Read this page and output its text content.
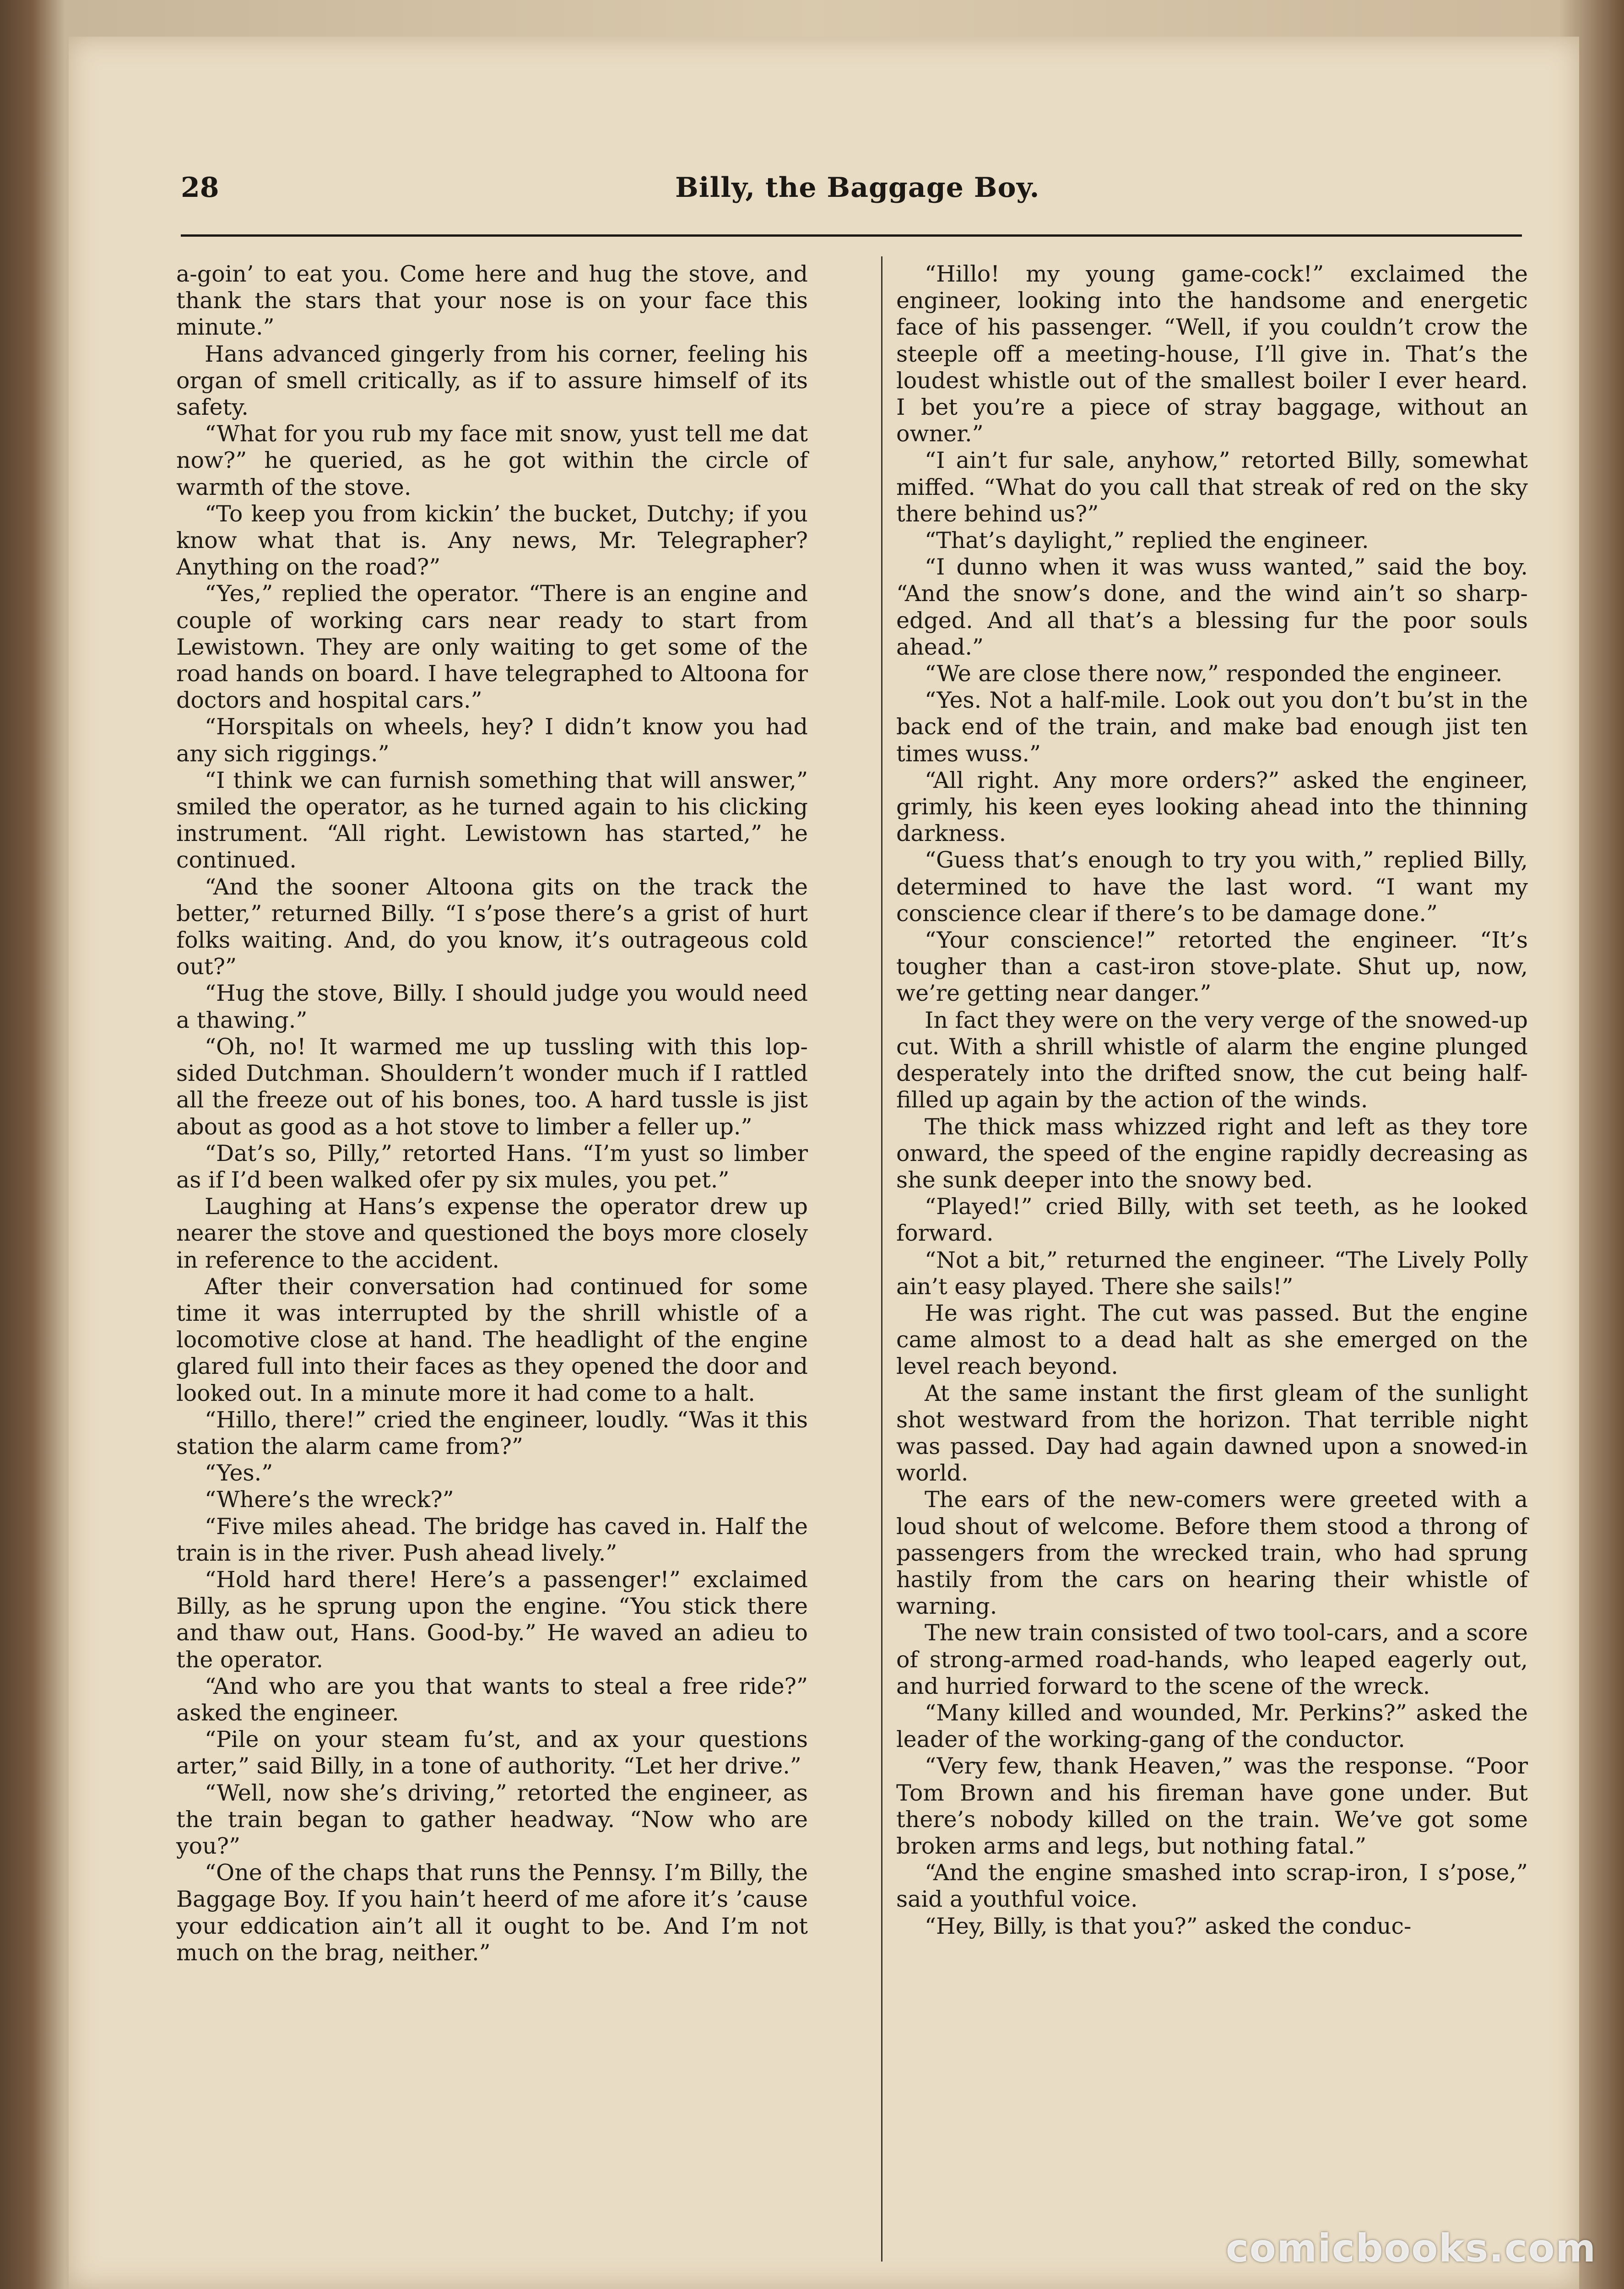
28	Billy, the Baggage Boy.

a-goin’ to eat you. Come here and hug the stove, and thank the stars that your nose is on your face this minute.”

Hans advanced gingerly from his corner, feeling his organ of smell critically, as if to assure himself of its safety.

“What for you rub my face mit snow, yust tell me dat now?” he queried, as he got within the circle of warmth of the stove.

“To keep you from kickin’ the bucket, Dutchy; if you know what that is. Any news, Mr. Telegrapher? Anything on the road?”

“Yes,” replied the operator. “There is an engine and couple of working cars near ready to start from Lewistown. They are only waiting to get some of the road hands on board. I have telegraphed to Altoona for doctors and hospital cars.”

“Horspitals on wheels, hey? I didn’t know you had any sich riggings.”

“I think we can furnish something that will answer,” smiled the operator, as he turned again to his clicking instrument. “All right. Lewistown has started,” he continued.

“And the sooner Altoona gits on the track the better,” returned Billy. “I s’pose there’s a grist of hurt folks waiting. And, do you know, it’s outrageous cold out?”

“Hug the stove, Billy. I should judge you would need a thawing.”

“Oh, no! It warmed me up tussling with this lop-sided Dutchman. Shouldern’t wonder much if I rattled all the freeze out of his bones, too. A hard tussle is jist about as good as a hot stove to limber a feller up.”

“Dat’s so, Pilly,” retorted Hans. “I’m yust so limber as if I’d been walked ofer py six mules, you pet.”

Laughing at Hans’s expense the operator drew up nearer the stove and questioned the boys more closely in reference to the accident.

After their conversation had continued for some time it was interrupted by the shrill whistle of a locomotive close at hand. The headlight of the engine glared full into their faces as they opened the door and looked out. In a minute more it had come to a halt.

“Hillo, there!” cried the engineer, loudly. “Was it this station the alarm came from?”

“Yes.”

“Where’s the wreck?”

“Five miles ahead. The bridge has caved in. Half the train is in the river. Push ahead lively.”

“Hold hard there! Here’s a passenger!” exclaimed Billy, as he sprung upon the engine. “You stick there and thaw out, Hans. Good-by.” He waved an adieu to the operator.

“And who are you that wants to steal a free ride?” asked the engineer.

“Pile on your steam fu’st, and ax your questions arter,” said Billy, in a tone of authority. “Let her drive.”

“Well, now she’s driving,” retorted the engineer, as the train began to gather headway. “Now who are you?”

“One of the chaps that runs the Pennsy. I’m Billy, the Baggage Boy. If you hain’t heerd of me afore it’s ’cause your eddication ain’t all it ought to be. And I’m not much on the brag, neither.”

“Hillo! my young game-cock!” exclaimed the engineer, looking into the handsome and energetic face of his passenger. “Well, if you couldn’t crow the steeple off a meeting-house, I’ll give in. That’s the loudest whistle out of the smallest boiler I ever heard. I bet you’re a piece of stray baggage, without an owner.”

“I ain’t fur sale, anyhow,” retorted Billy, somewhat miffed. “What do you call that streak of red on the sky there behind us?”

“That’s daylight,” replied the engineer.

“I dunno when it was wuss wanted,” said the boy. “And the snow’s done, and the wind ain’t so sharp-edged. And all that’s a blessing fur the poor souls ahead.”

“We are close there now,” responded the engineer.

“Yes. Not a half-mile. Look out you don’t bu’st in the back end of the train, and make bad enough jist ten times wuss.”

“All right. Any more orders?” asked the engineer, grimly, his keen eyes looking ahead into the thinning darkness.

“Guess that’s enough to try you with,” replied Billy, determined to have the last word. “I want my conscience clear if there’s to be damage done.”

“Your conscience!” retorted the engineer. “It’s tougher than a cast-iron stove-plate. Shut up, now, we’re getting near danger.”

In fact they were on the very verge of the snowed-up cut. With a shrill whistle of alarm the engine plunged desperately into the drifted snow, the cut being half-filled up again by the action of the winds.

The thick mass whizzed right and left as they tore onward, the speed of the engine rapidly decreasing as she sunk deeper into the snowy bed.

“Played!” cried Billy, with set teeth, as he looked forward.

“Not a bit,” returned the engineer. “The Lively Polly ain’t easy played. There she sails!”

He was right. The cut was passed. But the engine came almost to a dead halt as she emerged on the level reach beyond.

At the same instant the first gleam of the sunlight shot westward from the horizon. That terrible night was passed. Day had again dawned upon a snowed-in world.

The ears of the new-comers were greeted with a loud shout of welcome. Before them stood a throng of passengers from the wrecked train, who had sprung hastily from the cars on hearing their whistle of warning.

The new train consisted of two tool-cars, and a score of strong-armed road-hands, who leaped eagerly out, and hurried forward to the scene of the wreck.

“Many killed and wounded, Mr. Perkins?” asked the leader of the working-gang of the conductor.

“Very few, thank Heaven,” was the response. “Poor Tom Brown and his fireman have gone under. But there’s nobody killed on the train. We’ve got some broken arms and legs, but nothing fatal.”

“And the engine smashed into scrap-iron, I s’pose,” said a youthful voice.

“Hey, Billy, is that you?” asked the conduc-

comicbooks.com
